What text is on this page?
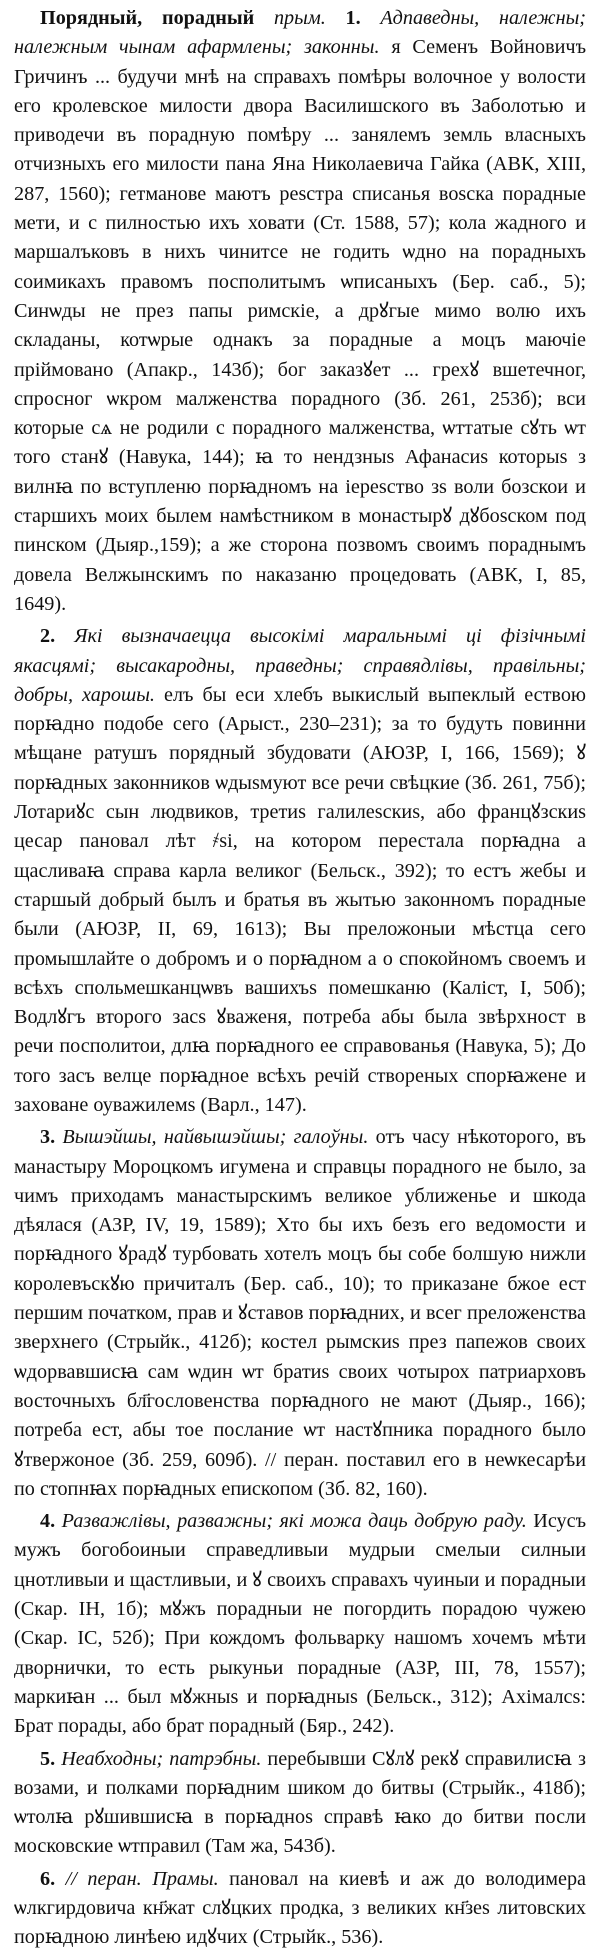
Порядный, порадный прым. 1. Адпаведны, належны; належным чынам афармлены; законны. я Семенъ Войновичъ Гричинъ ... будучи мнѣ на справахъ помѣры волочное у волости его кролевское милости двора Василишского въ Заболотью и приводечи въ порадную помѣру ... занялемъ земль власныхъ отчизныхъ его милости пана Яна Николаевича Гайка (АВК, XIII, 287, 1560); гетманове маютъ реѕстра списанья воѕска порадные мети, и с пилностью ихъ ховати (Ст. 1588, 57); кола жадного и маршалъковъ в нихъ чинитсе не годить ѡдно на порадныхъ соимикахъ правомъ посполитымъ ѡписаныхъ (Бер. саб., 5); Синѡды не през папы римскіе, а дрꙋгые мимо волю ихъ складаны, котѡрые однакъ за порадные а моцъ маючіе пріймовано (Апакр., 143б); бог заказꙋет ... грехꙋ вшетечног, спросног ѡкром малженства порадного (Зб. 261, 253б); вси которые сѧ не родили с порадного малженства, ѡттатые сꙋть ѡт того станꙋ (Навука, 144); ꙗ то нендзныѕ Афанасиѕ которыѕ з вилнꙗ по вступленю порꙗдномъ на іереѕство зѕ воли бозскои и старшихъ моих былем намѣстником в монастырꙋ дꙋбоѕском под пинском (Дыяр.,159); а же сторона позвомъ своимъ пораднымъ довела Велжынскимъ по наказаню процедовать (АВК, I, 85, 1649).

2. Які вызначаецца высокімі маральнымі ці фізічнымі якасцямі; высакародны, праведны; справядлівы, правільны; добры, харошы. елъ бы еси хлебъ выкислый выпеклый ествою порꙗдно подобе сего (Арыст., 230–231); за то будуть повинни мѣщане ратушъ порядный збудовати (АЮЗР, I, 166, 1569); ꙋ порꙗдных законников ѡдыѕмуют все речи свѣцкие (Зб. 261, 75б); Лотариꙋс сын людвиков, третиѕ галилеѕскиѕ, або францꙋзскиѕ цесар пановал лѣт ҂ѕі, на котором перестала порꙗдна а щасливаꙗ справа карла великог (Бельск., 392); то естъ жебы и старшый добрый былъ и братья въ жытью законномъ порадные были (АЮЗР, II, 69, 1613); Вы преложоныи мѣстца сего промышлайте о добромъ и о порꙗдном а о спокойномъ своемъ и всѣхъ спольмешканцѡвъ вашихъѕ помешканю (Каліст, I, 50б); Водлꙋгъ второго засѕ ꙋваженя, потреба абы была звѣрхност в речи посполитои, длꙗ порꙗдного ее справованья (Навука, 5); До того засъ велце порꙗдное всѣхъ речій створеных спорꙗжене и захованe оуважилемѕ (Варл., 147).

3. Вышэйшы, найвышэйшы; галоўны. отъ часу нѣкоторого, въ манастыру Мороцкомъ игумена и справцы порадного не было, за чимъ приходамъ манастырскимъ великое уближенье и шкода дѣялася (АЗР, IV, 19, 1589); Хто бы ихъ безъ его ведомости и порꙗдного ꙋрадꙋ турбовать хотелъ моцъ бы собе болшую нижли королевъскꙋю причиталъ (Бер. саб., 10); то приказане бжое ест першим початком, прав и ꙋставов порꙗдних, и всег преложенства зверхнего (Стрыйк., 412б); костел рымскиѕ през папежов своих ѡдорвавшисꙗ сам ѡдин ѡт братиѕ своих чотырох патриарховъ восточныхъ бл҃гословенства порꙗдного не мают (Дыяр., 166); потреба ест, абы тое послание ѡт настꙋпника порадного было ꙋтвержоное (Зб. 259, 609б). // перан. поставил его в неѡкесарѣи по стопнꙗх порꙗдных епископом (Зб. 82, 160).

4. Разважлівы, разважны; які можа даць добрую раду. Исусъ мужъ богобоиныи справедливыи мудрыи смелыи силныи цнотливыи и щастливыи, и ꙋ своихъ справахъ чуиныи и порадныи (Скар. ІН, 1б); мꙋжъ порадныи не погордить порадою чужею (Скар. ІС, 52б); При кождомъ фольварку нашомъ хочемъ мѣти дворнички, то есть рыкуньи порадные (АЗР, III, 78, 1557); маркиꙗн ... был мꙋжныѕ и порꙗдныѕ (Бельск., 312); Ахімалсѕ: Брат порады, або брат порадный (Бяр., 242).

5. Неабходны; патрэбны. перебывши Сꙋлꙋ рекꙋ справилисꙗ з возами, и полками порꙗдним шиком до битвы (Стрыйк., 418б); ѡтолꙗ рꙋшившисꙗ в порꙗдноѕ справѣ ꙗко до битви посли московские ѡтправил (Там жа, 543б).

6. // перан. Прамы. пановал на киевѣ и аж до володимера ѡлкгирдовича кн҃жат слꙋцких продка, з великих кн҃зеѕ литовских порꙗдною линѣею идꙋчих (Стрыйк., 536).
